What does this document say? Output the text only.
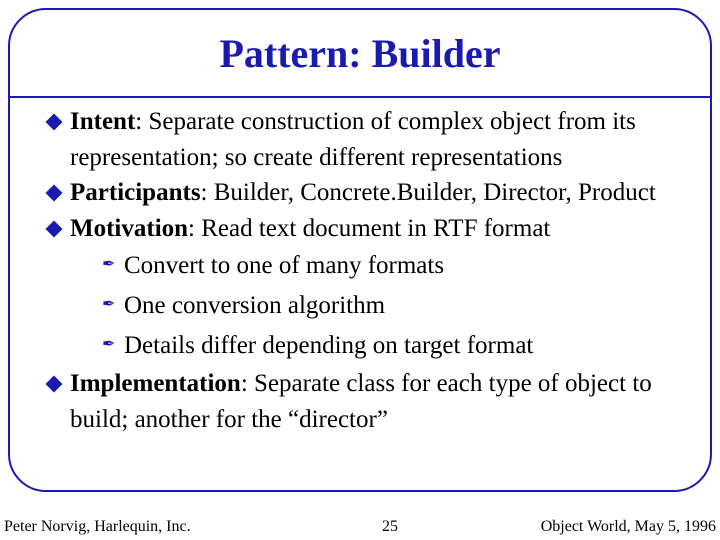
Pattern: Builder
Intent: Separate construction of complex object from its representation; so create different representations
Participants: Builder, Concrete.Builder, Director, Product
Motivation: Read text document in RTF format
✒ Convert to one of many formats
✒ One conversion algorithm
✒ Details differ depending on target format
Implementation: Separate class for each type of object to build; another for the “director”
Peter Norvig, Harlequin, Inc.	25	Object World, May 5, 1996
